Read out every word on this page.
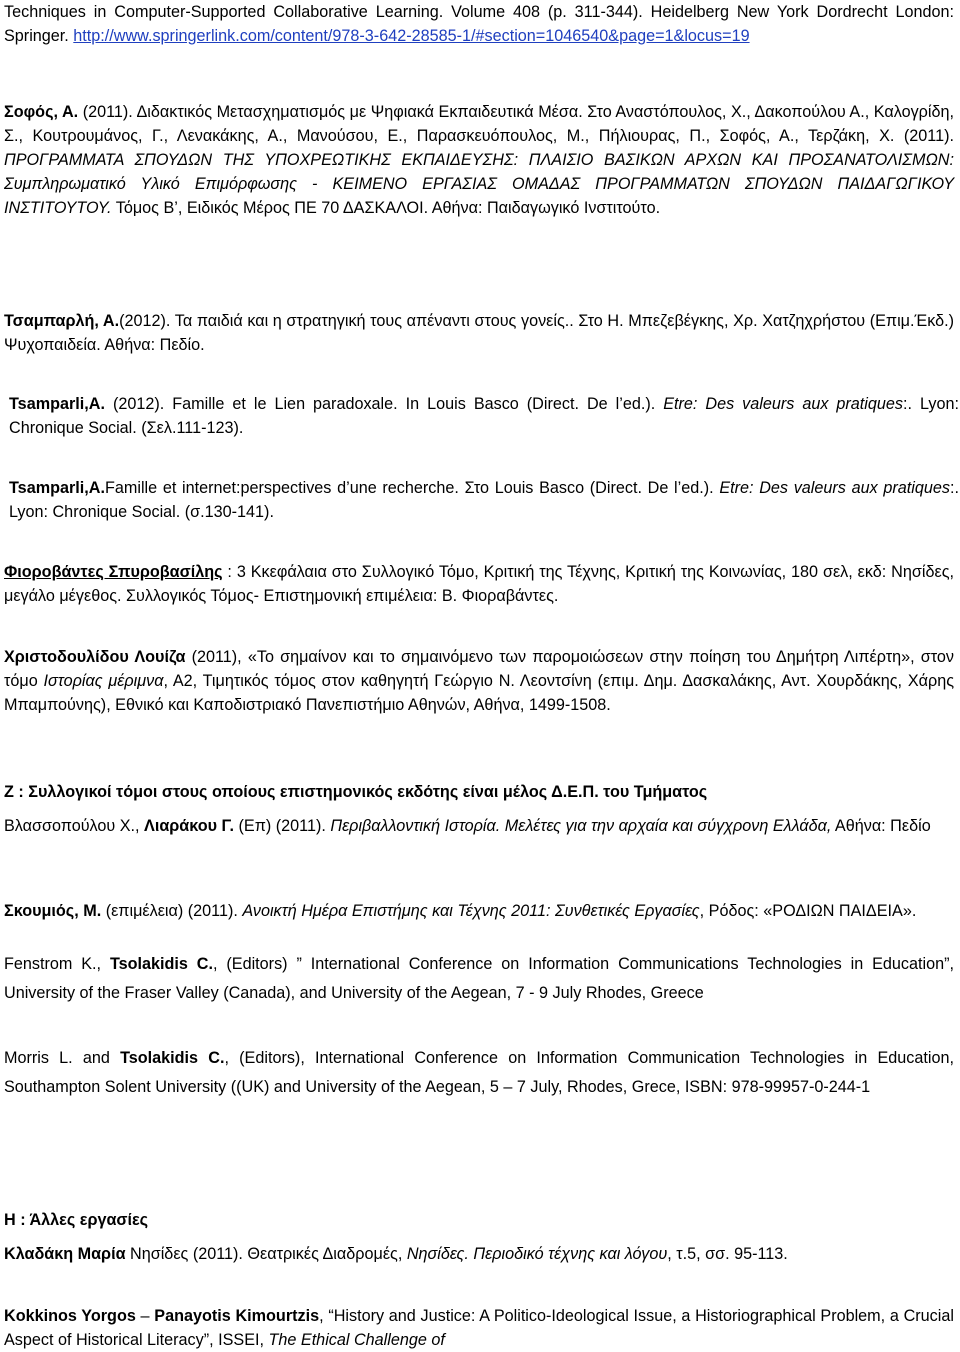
Techniques in Computer-Supported Collaborative Learning. Volume 408 (p. 311-344). Heidelberg New York Dordrecht London: Springer. http://www.springerlink.com/content/978-3-642-28585-1/#section=1046540&page=1&locus=19

Σοφός, Α. (2011). Διδακτικός Μετασχηματισμός με Ψηφιακά Εκπαιδευτικά Μέσα. Στο Αναστόπουλος, Χ., Δακοπούλου Α., Καλογρίδη, Σ., Κουτρουμάνος, Γ., Λενακάκης, Α., Μανούσου, Ε., Παρασκευόπουλος, Μ., Πήλιουρας, Π., Σοφός, Α., Τερζάκη, Χ. (2011). ΠΡΟΓΡΑΜΜΑΤΑ ΣΠΟΥΔΩΝ ΤΗΣ ΥΠΟΧΡΕΩΤΙΚΗΣ ΕΚΠΑΙΔΕΥΣΗΣ: ΠΛΑΙΣΙΟ ΒΑΣΙΚΩΝ ΑΡΧΩΝ ΚΑΙ ΠΡΟΣΑΝΑΤΟΛΙΣΜΩΝ: Συμπληρωματικό Υλικό Επιμόρφωσης - ΚΕΙΜΕΝΟ ΕΡΓΑΣΙΑΣ ΟΜΑΔΑΣ ΠΡΟΓΡΑΜΜΑΤΩΝ ΣΠΟΥΔΩΝ ΠΑΙΔΑΓΩΓΙΚΟΥ ΙΝΣΤΙΤΟΥΤΟΥ. Τόμος Β’, Ειδικός Μέρος ΠΕ 70 ΔΑΣΚΑΛΟΙ. Αθήνα: Παιδαγωγικό Ινστιτούτο.

Τσαμπαρλή, Α.(2012). Τα παιδιά και η στρατηγική τους απέναντι στους γονείς.. Στο Η. Μπεζεβέγκης, Χρ. Χατζηχρήστου (Επιμ.Έκδ.) Ψυχοπαιδεία. Αθήνα: Πεδίο.

Tsamparli,A. (2012). Famille et le Lien paradoxale. In Louis Basco (Direct. De l’ed.). Etre: Des valeurs aux pratiques:. Lyon: Chronique Social. (Σελ.111-123).

Tsamparli,A.Famille et internet:perspectives d’une recherche. Στο Louis Basco (Direct. De l’ed.). Etre: Des valeurs aux pratiques:. Lyon: Chronique Social. (σ.130-141).

Φιοροβάντες Σπυροβασίλης : 3 Κκεφάλαια στο Συλλογικό Τόμο, Κριτική της Τέχνης, Κριτική της Κοινωνίας, 180 σελ, εκδ: Νησίδες, μεγάλο μέγεθος. Συλλογικός Τόμος- Επιστημονική επιμέλεια: Β. Φιοραβάντες.

Χριστοδουλίδου Λουίζα (2011), «Το σημαίνον και το σημαινόμενο των παρομοιώσεων στην ποίηση του Δημήτρη Λιπέρτη», στον τόμο Ιστορίας μέριμνα, Α2, Τιμητικός τόμος στον καθηγητή Γεώργιο Ν. Λεοντσίνη (επιμ. Δημ. Δασκαλάκης, Αντ. Χουρδάκης, Χάρης Μπαμπούνης), Εθνικό και Καποδιστριακό Πανεπιστήμιο Αθηνών, Αθήνα, 1499-1508.

Ζ : Συλλογικοί τόμοι στους οποίους επιστημονικός εκδότης είναι μέλος Δ.Ε.Π. του Τμήματος

Βλασσοπούλου Χ., Λιαράκου Γ. (Επ) (2011). Περιβαλλοντική Ιστορία. Μελέτες για την αρχαία και σύγχρονη Ελλάδα, Αθήνα: Πεδίο

Σκουμιός, Μ. (επιμέλεια) (2011). Ανοικτή Ημέρα Επιστήμης και Τέχνης 2011: Συνθετικές Εργασίες, Ρόδος: «ΡΟΔΙΩΝ ΠΑΙΔΕΙΑ».

Fenstrom K., Tsolakidis C., (Editors) ” International Conference on Information Communications Technologies in Education”, University of the Fraser Valley (Canada), and University of the Aegean, 7 - 9 July Rhodes, Greece

Morris L. and Tsolakidis C., (Editors), International Conference on Information Communication Technologies in Education, Southampton Solent University ((UK) and University of the Aegean, 5 – 7 July, Rhodes, Grece, ISBN: 978-99957-0-244-1

Η : Άλλες εργασίες

Κλαδάκη Μαρία Νησίδες (2011). Θεατρικές Διαδρομές, Νησίδες. Περιοδικό τέχνης και λόγου, τ.5, σσ. 95-113.

Kokkinos Yorgos – Panayotis Kimourtzis, “History and Justice: A Politico-Ideological Issue, a Historiographical Problem, a Crucial Aspect of Historical Literacy”, ISSEI, The Ethical Challenge of
